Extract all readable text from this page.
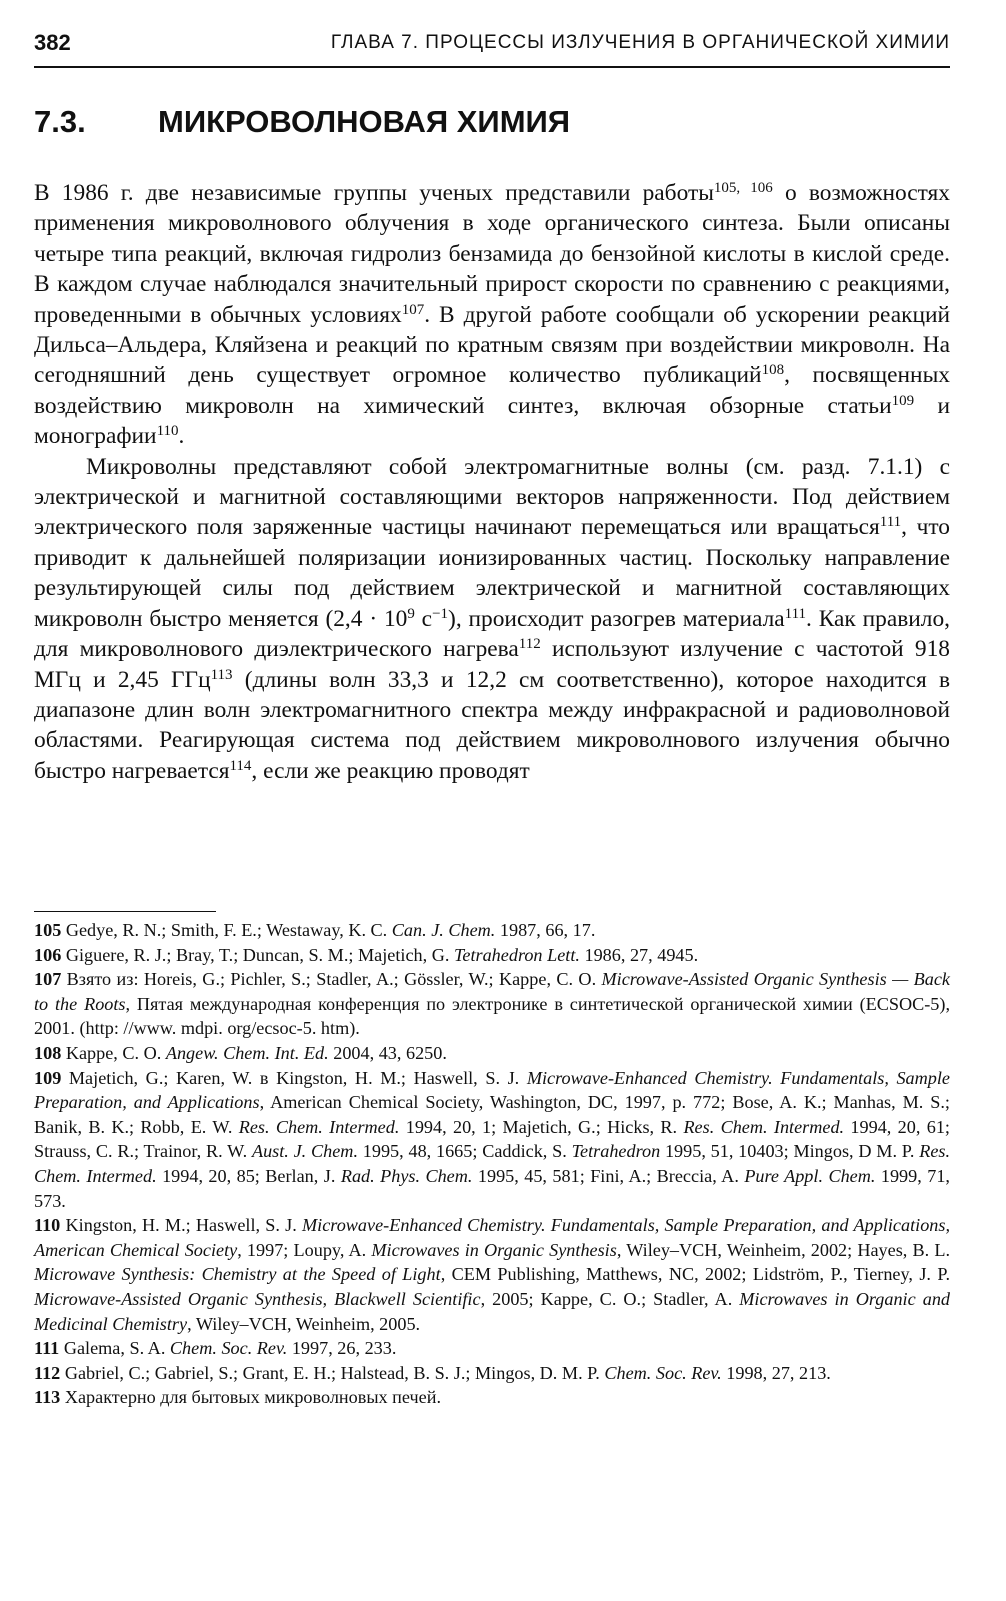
382	ГЛАВА 7. ПРОЦЕССЫ ИЗЛУЧЕНИЯ В ОРГАНИЧЕСКОЙ ХИМИИ
7.3. МИКРОВОЛНОВАЯ ХИМИЯ

В 1986 г. две независимые группы ученых представили работы$^{105, 106}$ о возможностях применения микроволнового облучения в ходе органического синтеза. Были описаны четыре типа реакций, включая гидролиз бензамида до бензойной кислоты в кислой среде. В каждом случае наблюдался значительный прирост скорости по сравнению с реакциями, проведенными в обычных условиях$^{107}$. В другой работе сообщали об ускорении реакций Дильса–Альдера, Кляйзена и реакций по кратным связям при воздействии микроволн. На сегодняшний день существует огромное количество публикаций$^{108}$, посвященных воздействию микроволн на химический синтез, включая обзорные статьи$^{109}$ и монографии$^{110}$.

Микроволны представляют собой электромагнитные волны (см. разд. 7.1.1) с электрической и магнитной составляющими векторов напряженности. Под действием электрического поля заряженные частицы начинают перемещаться или вращаться$^{111}$, что приводит к дальнейшей поляризации ионизированных частиц. Поскольку направление результирующей силы под действием электрической и магнитной составляющих микроволн быстро меняется ($2,4 \cdot 10^9$ $с^{-1}$), происходит разогрев материала$^{111}$. Как правило, для микроволнового диэлектрического нагрева$^{112}$ используют излучение с частотой 918 МГц и 2,45 ГГц$^{113}$ (длины волн 33,3 и 12,2 см соответственно), которое находится в диапазоне длин волн электромагнитного спектра между инфракрасной и радиоволновой областями. Реагирующая система под действием микроволнового излучения обычно быстро нагревается$^{114}$, если же реакцию проводят

105 Gedye, R. N.; Smith, F. E.; Westaway, K. C. Can. J. Chem. 1987, 66, 17.

106 Giguere, R. J.; Bray, T.; Duncan, S. M.; Majetich, G. Tetrahedron Lett. 1986, 27, 4945.

107 Взято из: Horeis, G.; Pichler, S.; Stadler, A.; Gössler, W.; Kappe, C. O. Microwave-Assisted Organic Synthesis — Back to the Roots, Пятая международная конференция по электронике в синтетической органической химии (ECSOC-5), 2001. (http: //www. mdpi. org/ecsoc-5. htm).

108 Kappe, C. O. Angew. Chem. Int. Ed. 2004, 43, 6250.

109 Majetich, G.; Karen, W. в Kingston, H. M.; Haswell, S. J. Microwave-Enhanced Chemistry. Fundamentals, Sample Preparation, and Applications, American Chemical Society, Washington, DC, 1997, p. 772; Bose, A. K.; Manhas, M. S.; Banik, B. K.; Robb, E. W. Res. Chem. Intermed. 1994, 20, 1; Majetich, G.; Hicks, R. Res. Chem. Intermed. 1994, 20, 61; Strauss, C. R.; Trainor, R. W. Aust. J. Chem. 1995, 48, 1665; Caddick, S. Tetrahedron 1995, 51, 10403; Mingos, D M. P. Res. Chem. Intermed. 1994, 20, 85; Berlan, J. Rad. Phys. Chem. 1995, 45, 581; Fini, A.; Breccia, A. Pure Appl. Chem. 1999, 71, 573.

110 Kingston, H. M.; Haswell, S. J. Microwave-Enhanced Chemistry. Fundamentals, Sample Preparation, and Applications, American Chemical Society, 1997; Loupy, A. Microwaves in Organic Synthesis, Wiley–VCH, Weinheim, 2002; Hayes, B. L. Microwave Synthesis: Chemistry at the Speed of Light, CEM Publishing, Matthews, NC, 2002; Lidström, P., Tierney, J. P. Microwave-Assisted Organic Synthesis, Blackwell Scientific, 2005; Kappe, C. O.; Stadler, A. Microwaves in Organic and Medicinal Chemistry, Wiley–VCH, Weinheim, 2005.

111 Galema, S. A. Chem. Soc. Rev. 1997, 26, 233.

112 Gabriel, C.; Gabriel, S.; Grant, E. H.; Halstead, B. S. J.; Mingos, D. M. P. Chem. Soc. Rev. 1998, 27, 213.

113 Характерно для бытовых микроволновых печей.
